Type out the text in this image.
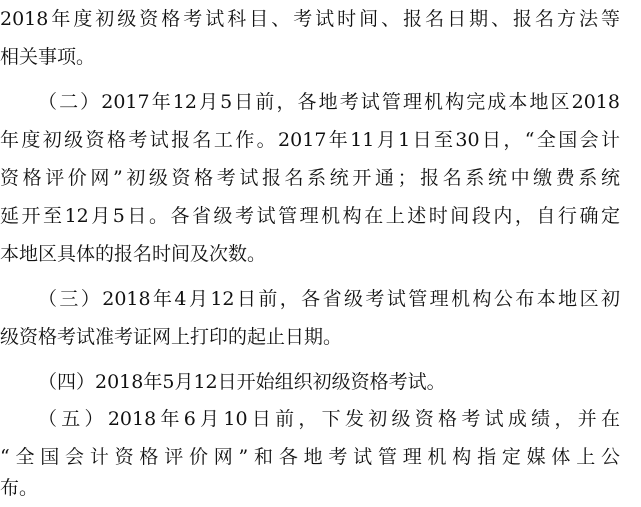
2018年度初级资格考试科目、考试时间、报名日期、报名方法等
相关事项。
（二）2017年12月5日前，各地考试管理机构完成本地区2018
年度初级资格考试报名工作。2017年11月1日至30日，“全国会计
资格评价网”初级资格考试报名系统开通；报名系统中缴费系统
延开至12月5日。各省级考试管理机构在上述时间段内，自行确定
本地区具体的报名时间及次数。
（三）2018年4月12日前，各省级考试管理机构公布本地区初
级资格考试准考证网上打印的起止日期。
（四）2018年5月12日开始组织初级资格考试。
（五）2018年6月10日前，下发初级资格考试成绩，并在
“全国会计资格评价网”和各地考试管理机构指定媒体上公
布。
